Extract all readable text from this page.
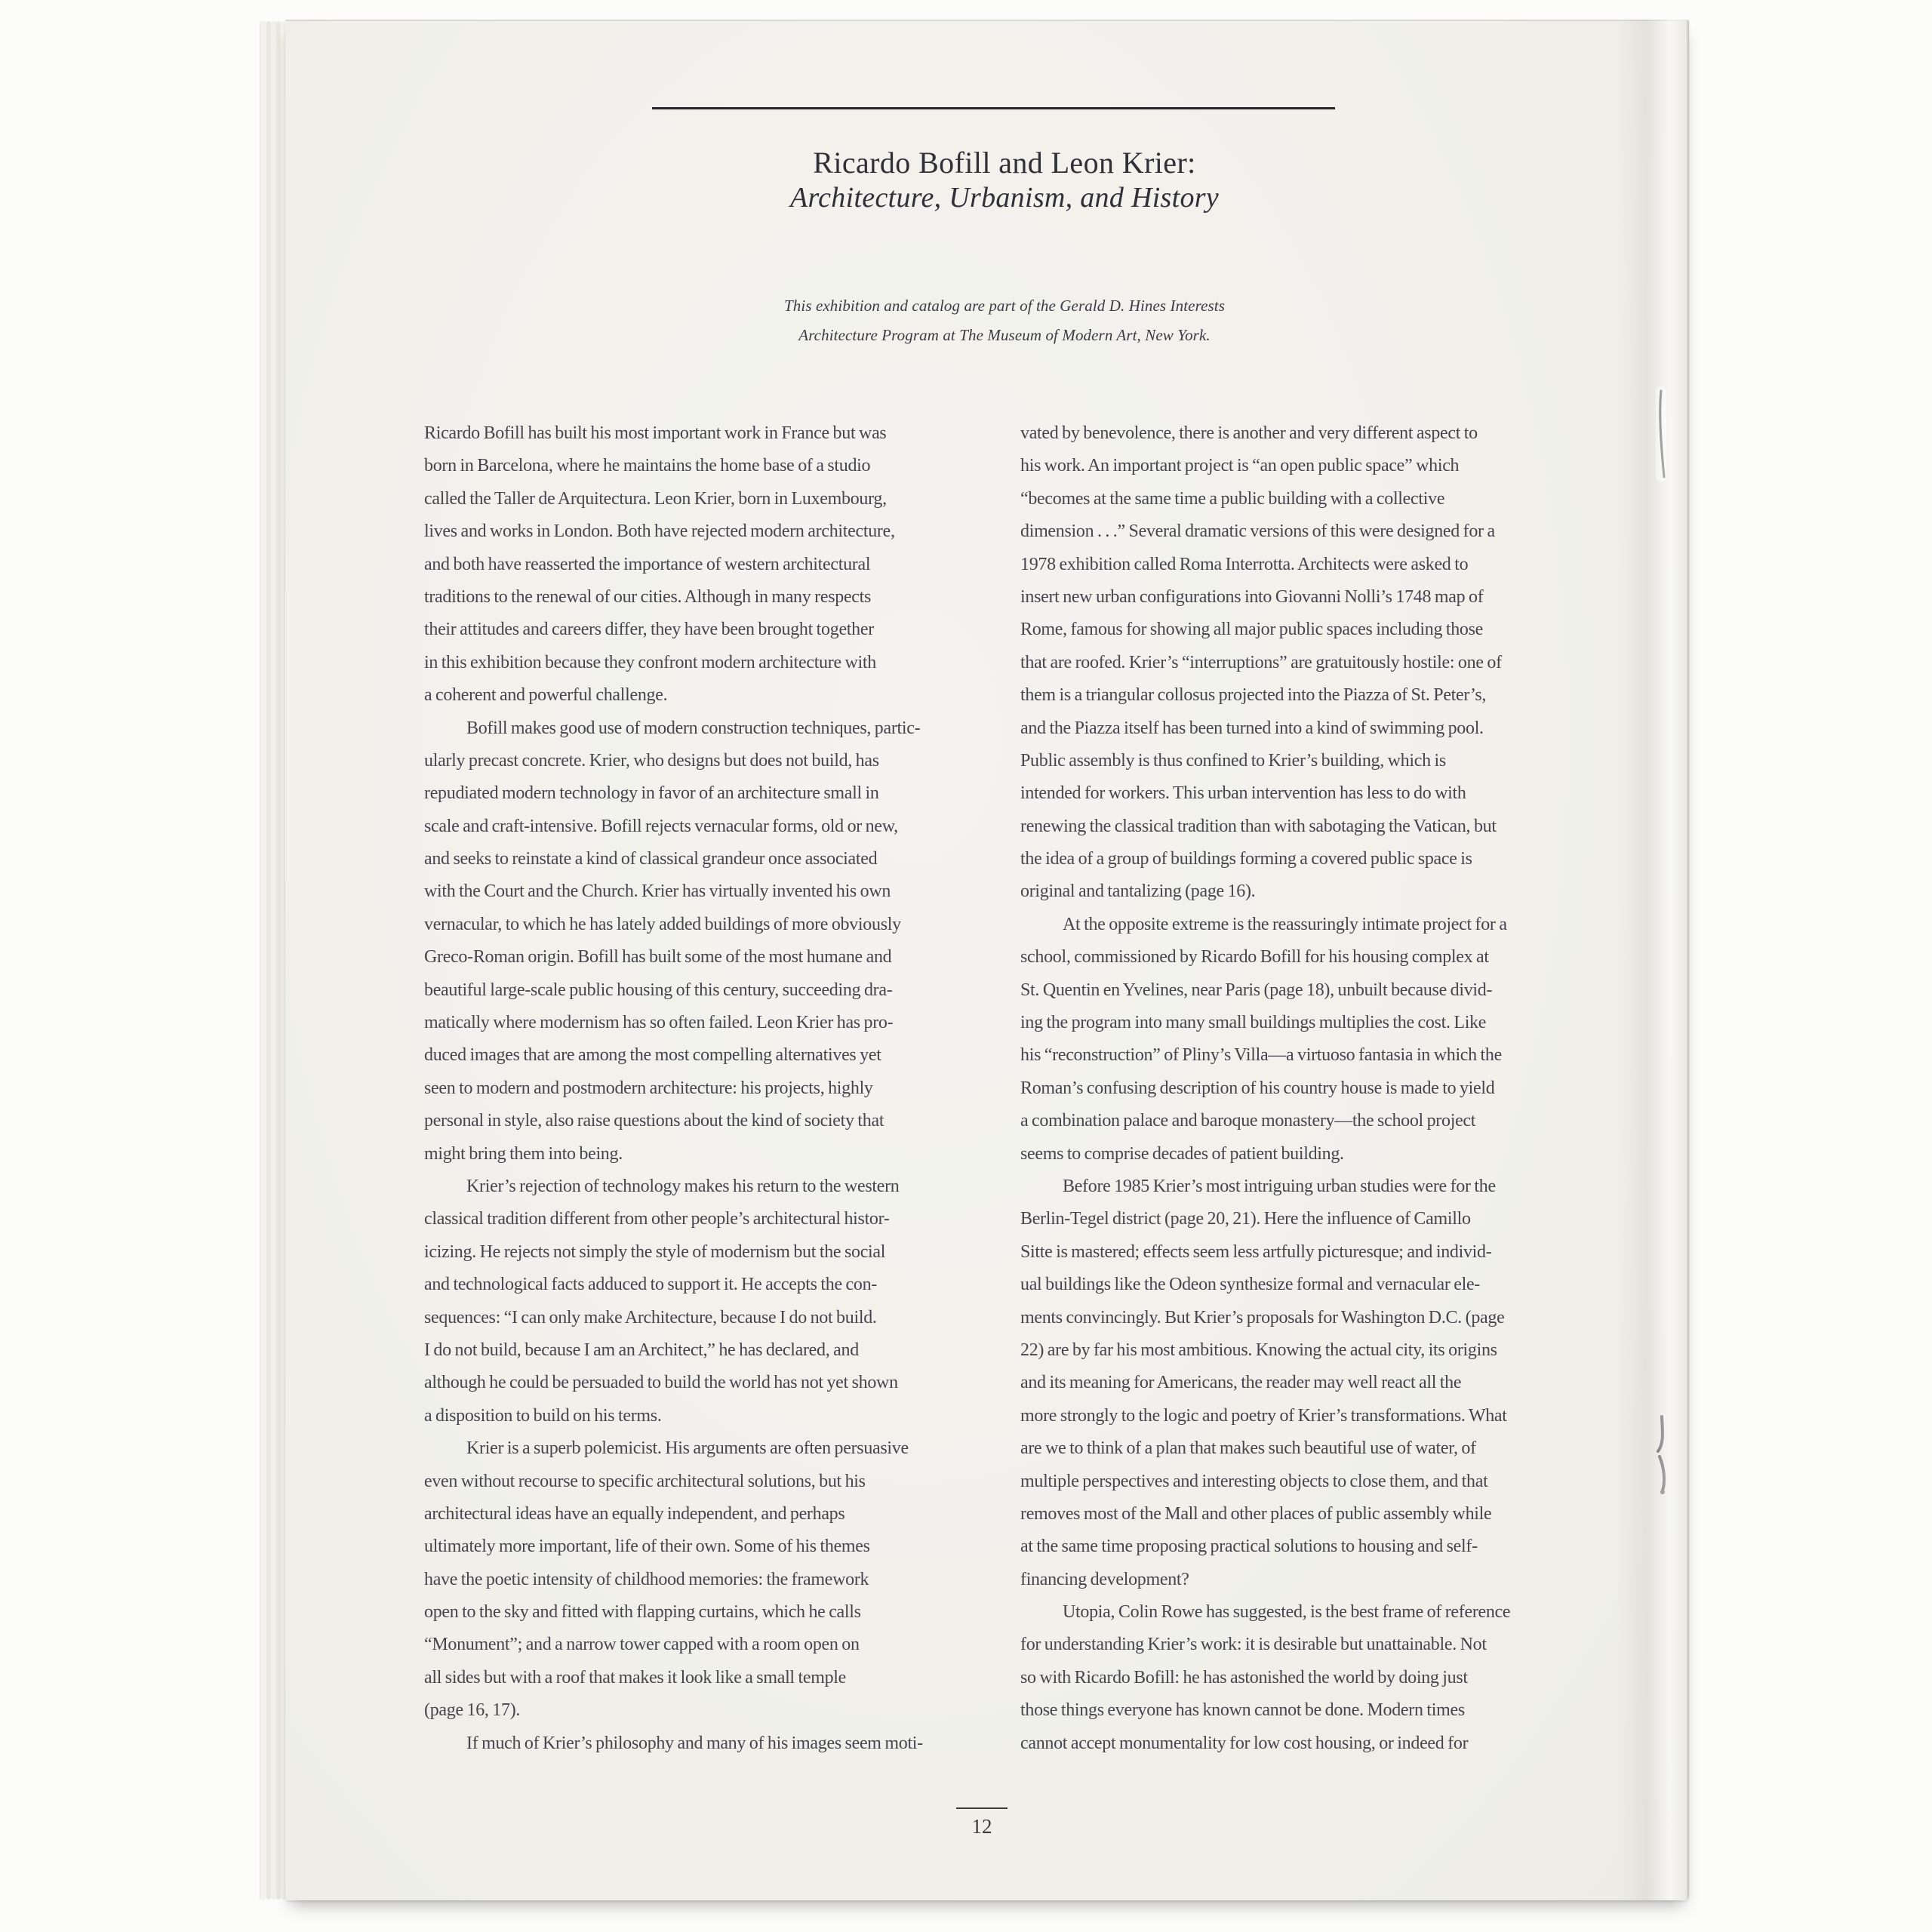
Ricardo Bofill and Leon Krier:
Architecture, Urbanism, and History
This exhibition and catalog are part of the Gerald D. Hines Interests
Architecture Program at The Museum of Modern Art, New York.
Ricardo Bofill has built his most important work in France but was
born in Barcelona, where he maintains the home base of a studio
called the Taller de Arquitectura. Leon Krier, born in Luxembourg,
lives and works in London. Both have rejected modern architecture,
and both have reasserted the importance of western architectural
traditions to the renewal of our cities. Although in many respects
their attitudes and careers differ, they have been brought together
in this exhibition because they confront modern architecture with
a coherent and powerful challenge.
Bofill makes good use of modern construction techniques, partic-
ularly precast concrete. Krier, who designs but does not build, has
repudiated modern technology in favor of an architecture small in
scale and craft-intensive. Bofill rejects vernacular forms, old or new,
and seeks to reinstate a kind of classical grandeur once associated
with the Court and the Church. Krier has virtually invented his own
vernacular, to which he has lately added buildings of more obviously
Greco-Roman origin. Bofill has built some of the most humane and
beautiful large-scale public housing of this century, succeeding dra-
matically where modernism has so often failed. Leon Krier has pro-
duced images that are among the most compelling alternatives yet
seen to modern and postmodern architecture: his projects, highly
personal in style, also raise questions about the kind of society that
might bring them into being.
Krier’s rejection of technology makes his return to the western
classical tradition different from other people’s architectural histor-
icizing. He rejects not simply the style of modernism but the social
and technological facts adduced to support it. He accepts the con-
sequences: “I can only make Architecture, because I do not build.
I do not build, because I am an Architect,” he has declared, and
although he could be persuaded to build the world has not yet shown
a disposition to build on his terms.
Krier is a superb polemicist. His arguments are often persuasive
even without recourse to specific architectural solutions, but his
architectural ideas have an equally independent, and perhaps
ultimately more important, life of their own. Some of his themes
have the poetic intensity of childhood memories: the framework
open to the sky and fitted with flapping curtains, which he calls
“Monument”; and a narrow tower capped with a room open on
all sides but with a roof that makes it look like a small temple
(page 16, 17).
If much of Krier’s philosophy and many of his images seem moti-
vated by benevolence, there is another and very different aspect to
his work. An important project is “an open public space” which
“becomes at the same time a public building with a collective
dimension . . .” Several dramatic versions of this were designed for a
1978 exhibition called Roma Interrotta. Architects were asked to
insert new urban configurations into Giovanni Nolli’s 1748 map of
Rome, famous for showing all major public spaces including those
that are roofed. Krier’s “interruptions” are gratuitously hostile: one of
them is a triangular collosus projected into the Piazza of St. Peter’s,
and the Piazza itself has been turned into a kind of swimming pool.
Public assembly is thus confined to Krier’s building, which is
intended for workers. This urban intervention has less to do with
renewing the classical tradition than with sabotaging the Vatican, but
the idea of a group of buildings forming a covered public space is
original and tantalizing (page 16).
At the opposite extreme is the reassuringly intimate project for a
school, commissioned by Ricardo Bofill for his housing complex at
St. Quentin en Yvelines, near Paris (page 18), unbuilt because divid-
ing the program into many small buildings multiplies the cost. Like
his “reconstruction” of Pliny’s Villa—a virtuoso fantasia in which the
Roman’s confusing description of his country house is made to yield
a combination palace and baroque monastery—the school project
seems to comprise decades of patient building.
Before 1985 Krier’s most intriguing urban studies were for the
Berlin-Tegel district (page 20, 21). Here the influence of Camillo
Sitte is mastered; effects seem less artfully picturesque; and individ-
ual buildings like the Odeon synthesize formal and vernacular ele-
ments convincingly. But Krier’s proposals for Washington D.C. (page
22) are by far his most ambitious. Knowing the actual city, its origins
and its meaning for Americans, the reader may well react all the
more strongly to the logic and poetry of Krier’s transformations. What
are we to think of a plan that makes such beautiful use of water, of
multiple perspectives and interesting objects to close them, and that
removes most of the Mall and other places of public assembly while
at the same time proposing practical solutions to housing and self-
financing development?
Utopia, Colin Rowe has suggested, is the best frame of reference
for understanding Krier’s work: it is desirable but unattainable. Not
so with Ricardo Bofill: he has astonished the world by doing just
those things everyone has known cannot be done. Modern times
cannot accept monumentality for low cost housing, or indeed for
12
